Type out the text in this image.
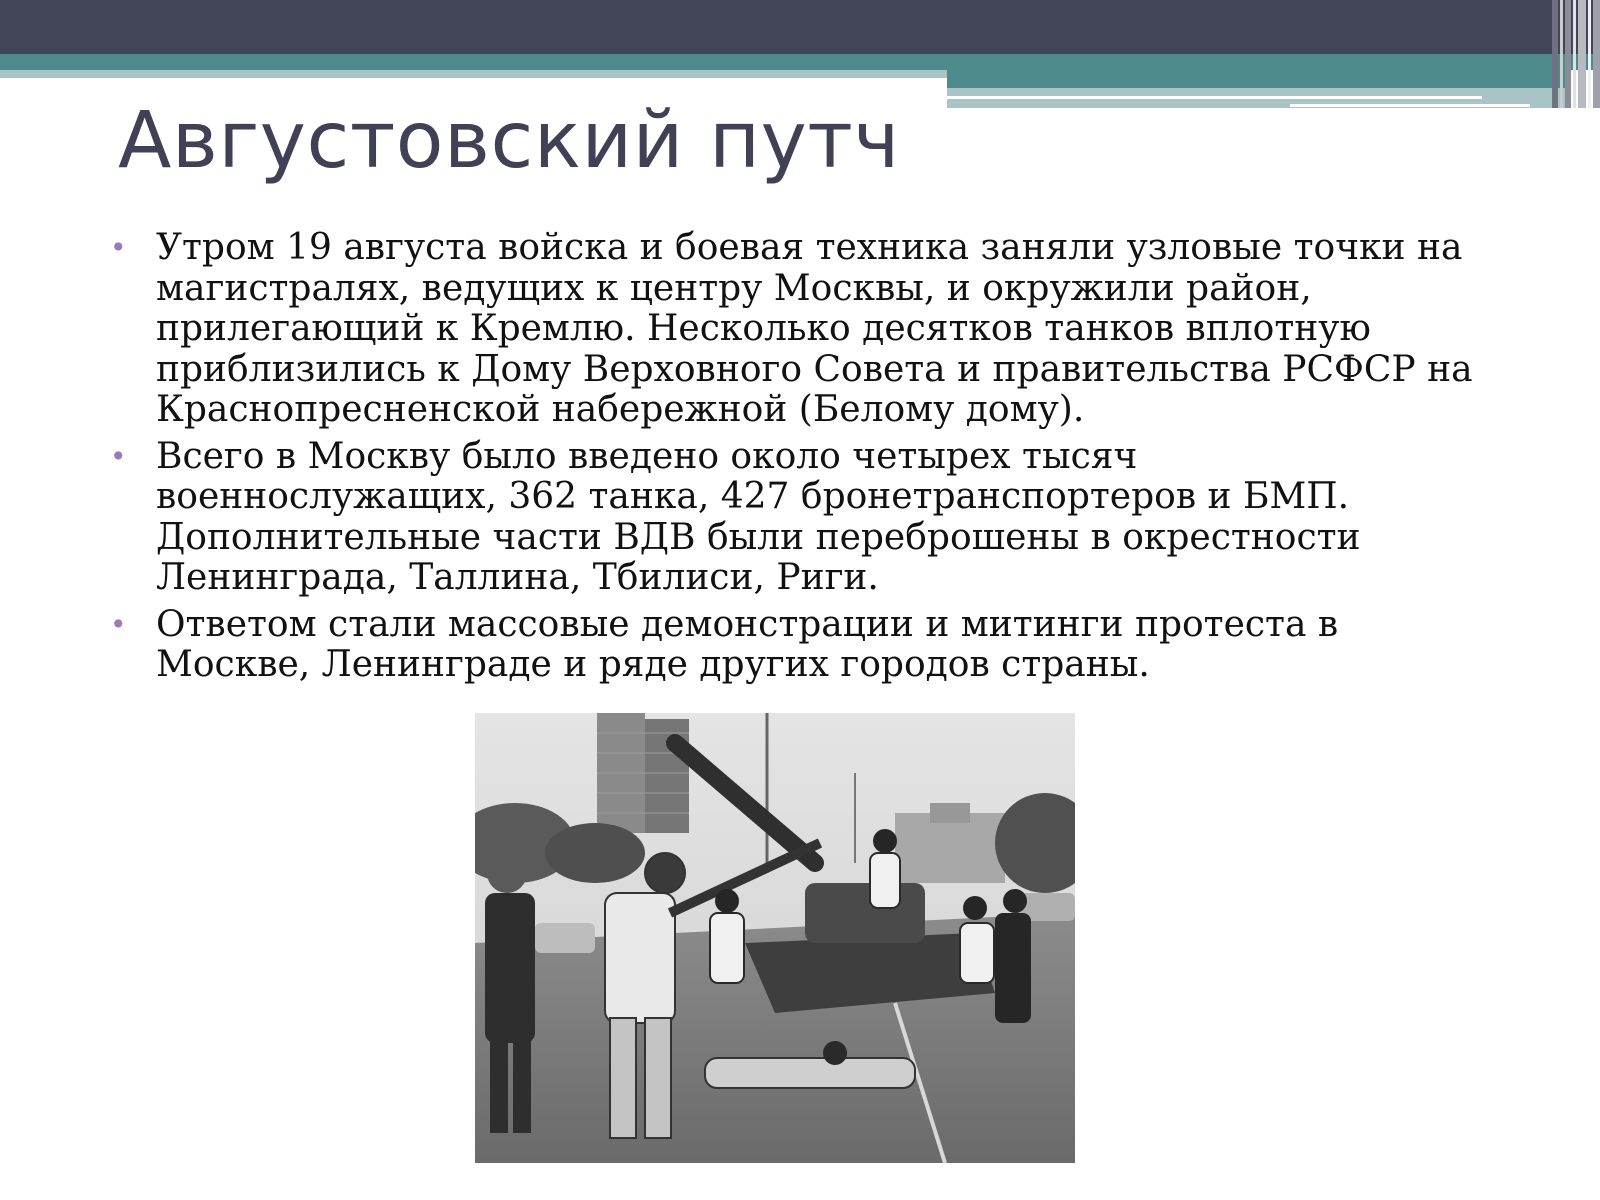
Августовский путч
• Утром 19 августа войска и боевая техника заняли узловые точки на магистралях, ведущих к центру Москвы, и окружили район, прилегающий к Кремлю. Несколько десятков танков вплотную приблизились к Дому Верховного Совета и правительства РСФСР на Краснопресненской набережной (Белому дому).
• Всего в Москву было введено около четырех тысяч военнослужащих, 362 танка, 427 бронетранспортеров и БМП. Дополнительные части ВДВ были переброшены в окрестности Ленинграда, Таллина, Тбилиси, Риги.
• Ответом стали массовые демонстрации и митинги протеста в Москве, Ленинграде и ряде других городов страны.
